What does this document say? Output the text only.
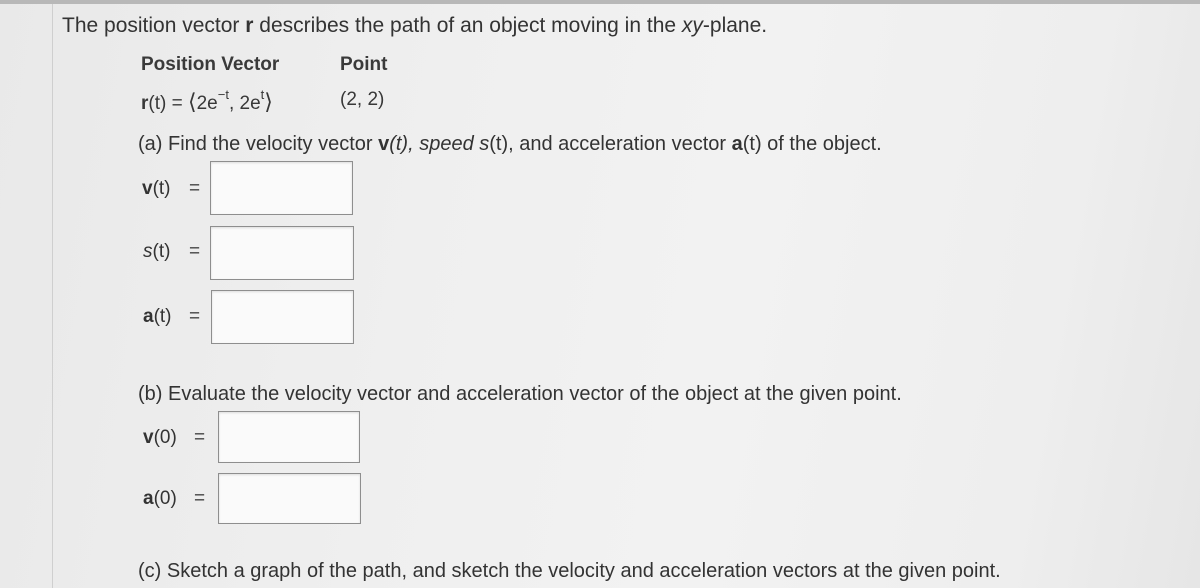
The position vector r describes the path of an object moving in the xy-plane.
Position Vector	Point
$r(t) = ⟨2e^{-t}$, $2e^t⟩$	(2, 2)
(a) Find the velocity vector v(t), speed s(t), and acceleration vector a(t) of the object.
v(t) =
s(t) =
a(t) =
(b) Evaluate the velocity vector and acceleration vector of the object at the given point.
v(0) =
a(0) =
(c) Sketch a graph of the path, and sketch the velocity and acceleration vectors at the given point.
